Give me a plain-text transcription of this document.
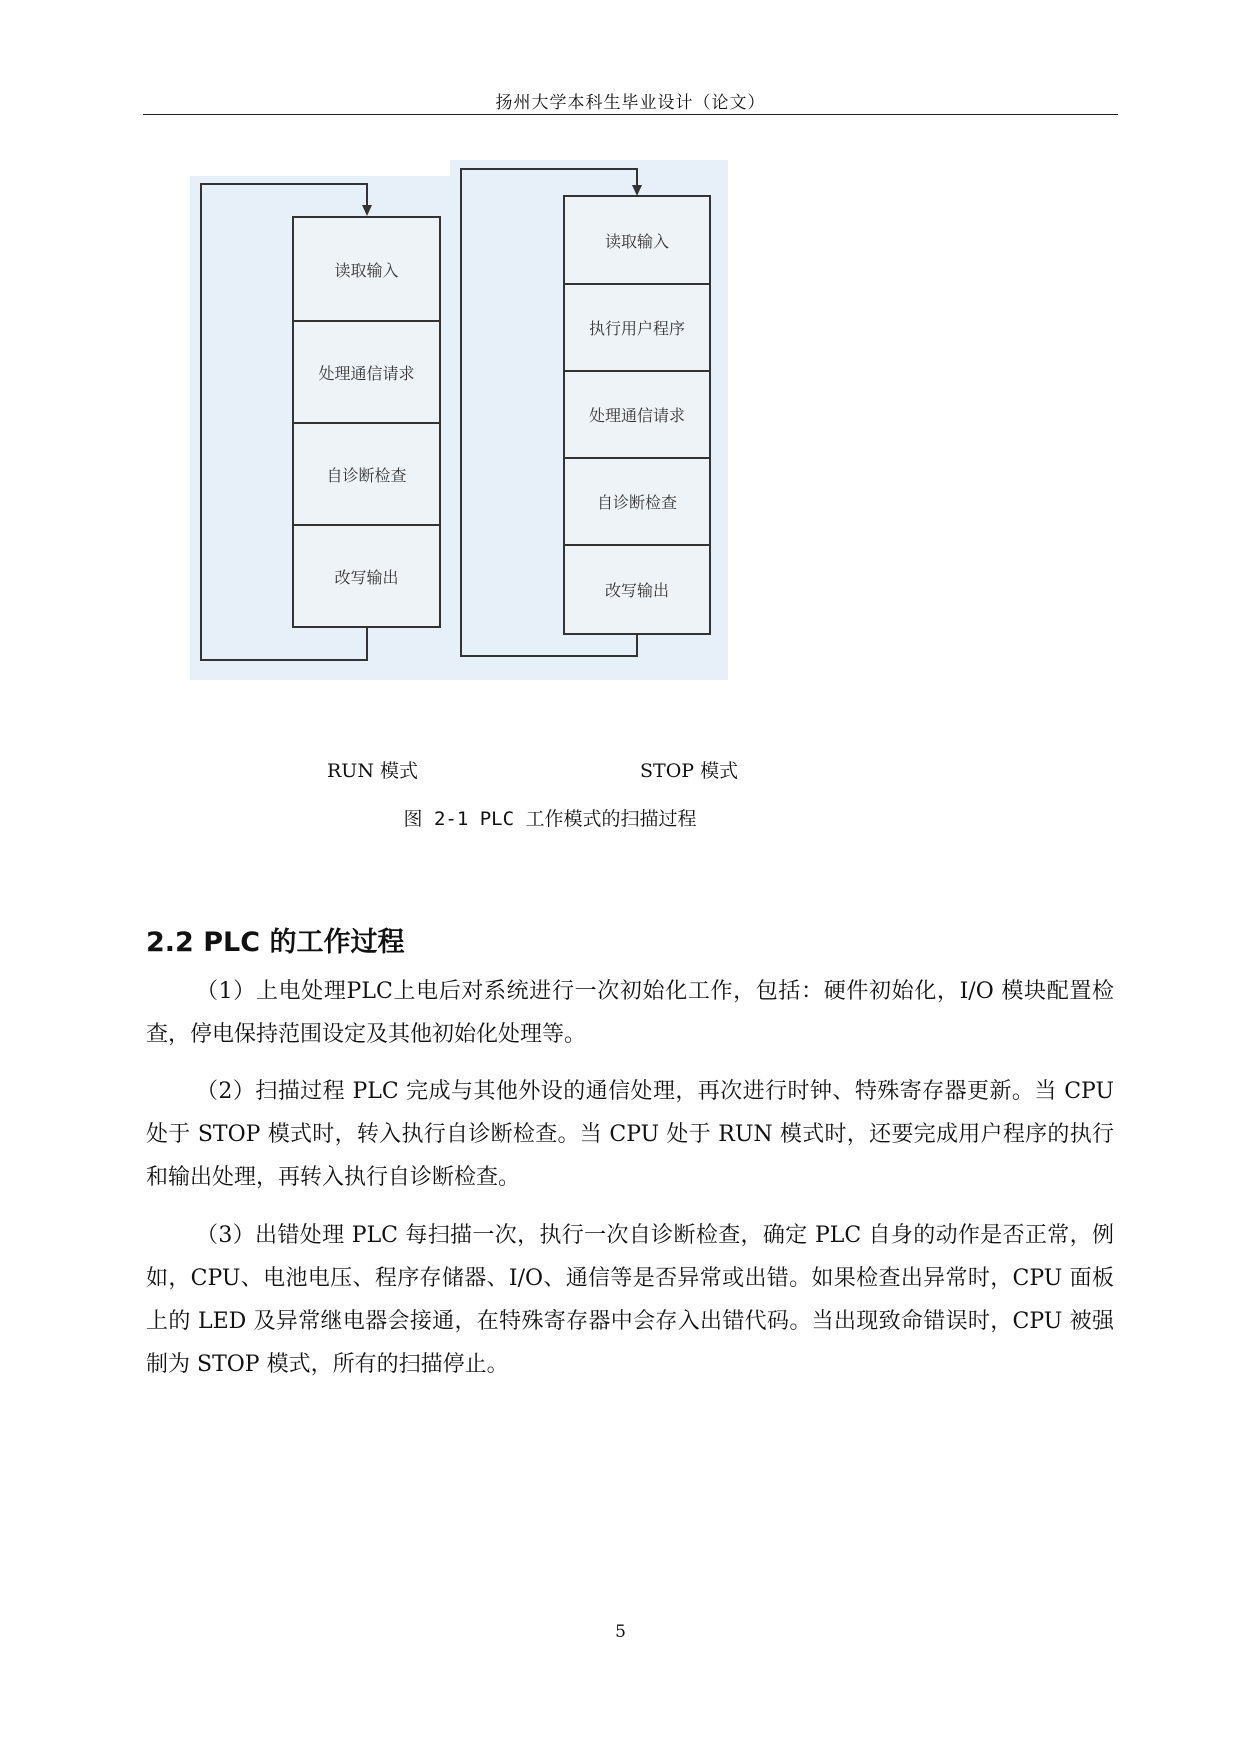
扬州大学本科生毕业设计（论文）
读取输入
处理通信请求
自诊断检查
改写输出
读取输入
执行用户程序
处理通信请求
自诊断检查
改写输出
RUN 模式	STOP 模式
图 2-1 PLC 工作模式的扫描过程
2.2 PLC 的工作过程

（1）上电处理PLC上电后对系统进行一次初始化工作，包括：硬件初始化，I/O 模块配置检查，停电保持范围设定及其他初始化处理等。

（2）扫描过程 PLC 完成与其他外设的通信处理，再次进行时钟、特殊寄存器更新。当 CPU 处于 STOP 模式时，转入执行自诊断检查。当 CPU 处于 RUN 模式时，还要完成用户程序的执行和输出处理，再转入执行自诊断检查。

（3）出错处理 PLC 每扫描一次，执行一次自诊断检查，确定 PLC 自身的动作是否正常，例如，CPU、电池电压、程序存储器、I/O、通信等是否异常或出错。如果检查出异常时，CPU 面板上的 LED 及异常继电器会接通，在特殊寄存器中会存入出错代码。当出现致命错误时，CPU 被强制为 STOP 模式，所有的扫描停止。

5
